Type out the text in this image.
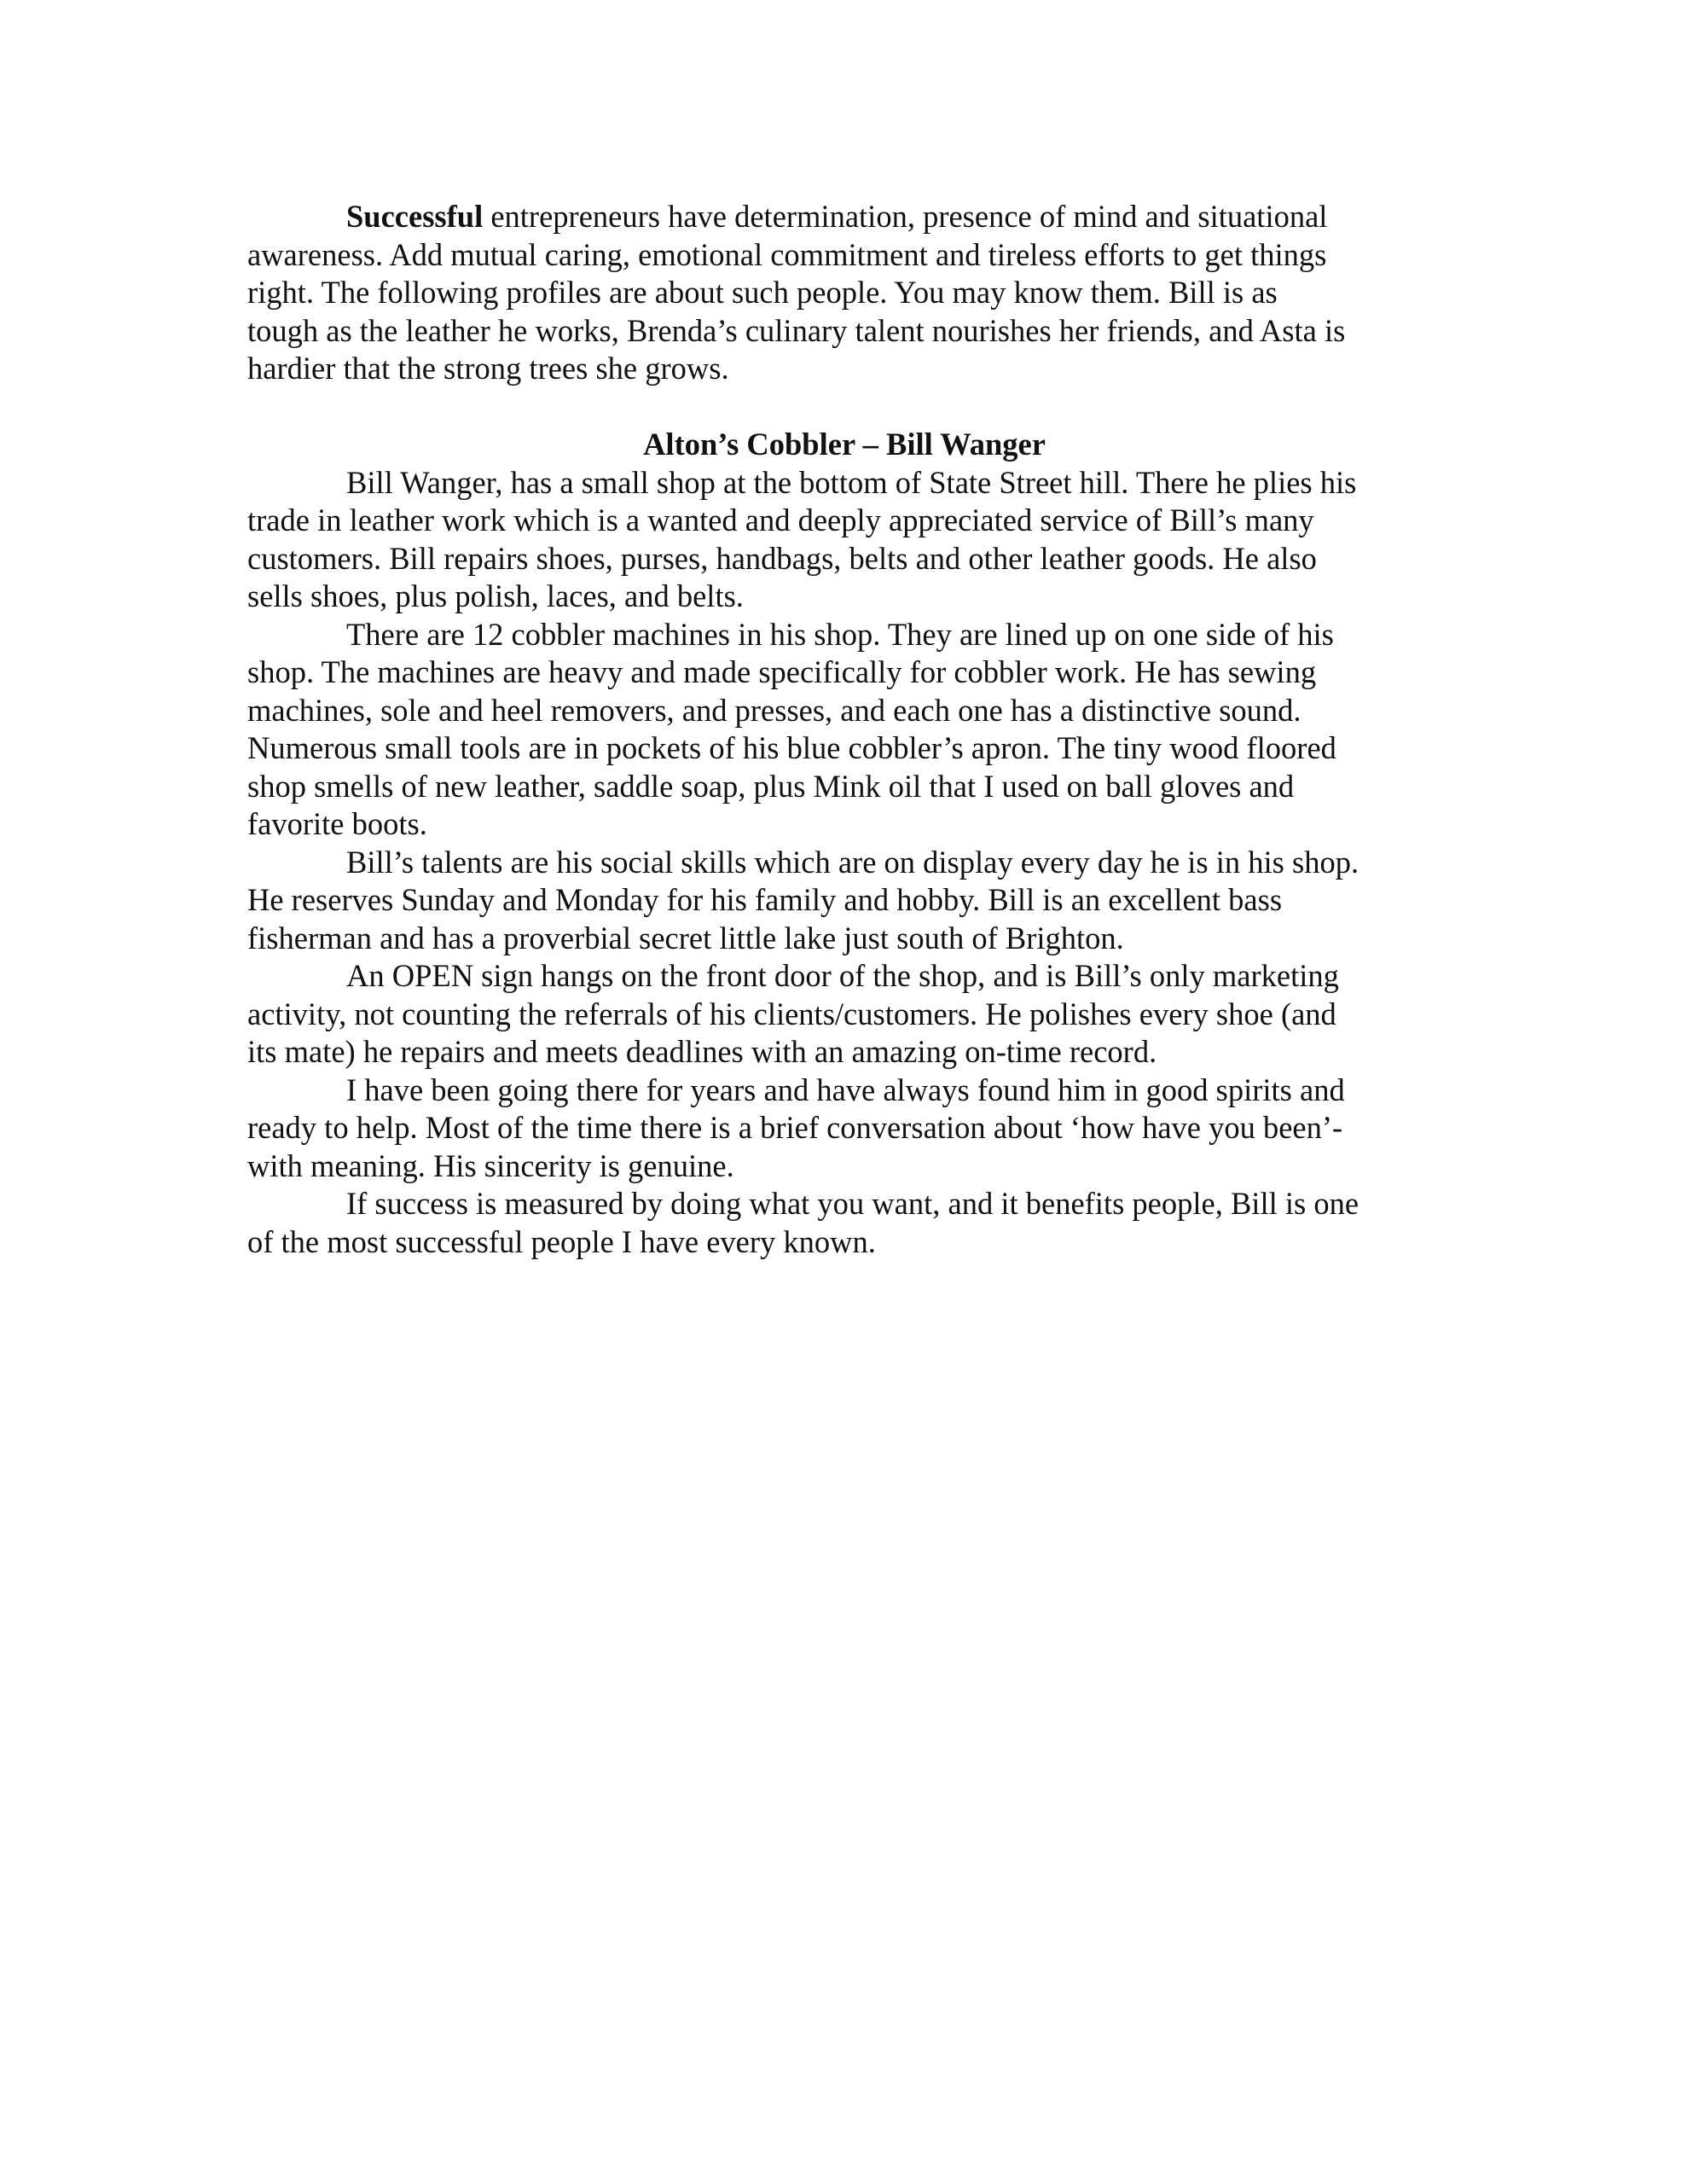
Successful entrepreneurs have determination, presence of mind and situational
awareness. Add mutual caring, emotional commitment and tireless efforts to get things
right. The following profiles are about such people. You may know them. Bill is as
tough as the leather he works, Brenda’s culinary talent nourishes her friends, and Asta is
hardier that the strong trees she grows.

Alton’s Cobbler – Bill Wanger

Bill Wanger, has a small shop at the bottom of State Street hill. There he plies his
trade in leather work which is a wanted and deeply appreciated service of Bill’s many
customers. Bill repairs shoes, purses, handbags, belts and other leather goods. He also
sells shoes, plus polish, laces, and belts.

There are 12 cobbler machines in his shop. They are lined up on one side of his
shop. The machines are heavy and made specifically for cobbler work. He has sewing
machines, sole and heel removers, and presses, and each one has a distinctive sound.
Numerous small tools are in pockets of his blue cobbler’s apron. The tiny wood floored
shop smells of new leather, saddle soap, plus Mink oil that I used on ball gloves and
favorite boots.

Bill’s talents are his social skills which are on display every day he is in his shop.
He reserves Sunday and Monday for his family and hobby. Bill is an excellent bass
fisherman and has a proverbial secret little lake just south of Brighton.

An OPEN sign hangs on the front door of the shop, and is Bill’s only marketing
activity, not counting the referrals of his clients/customers. He polishes every shoe (and
its mate) he repairs and meets deadlines with an amazing on-time record.

I have been going there for years and have always found him in good spirits and
ready to help. Most of the time there is a brief conversation about ‘how have you been’-
with meaning. His sincerity is genuine.

If success is measured by doing what you want, and it benefits people, Bill is one
of the most successful people I have every known.
